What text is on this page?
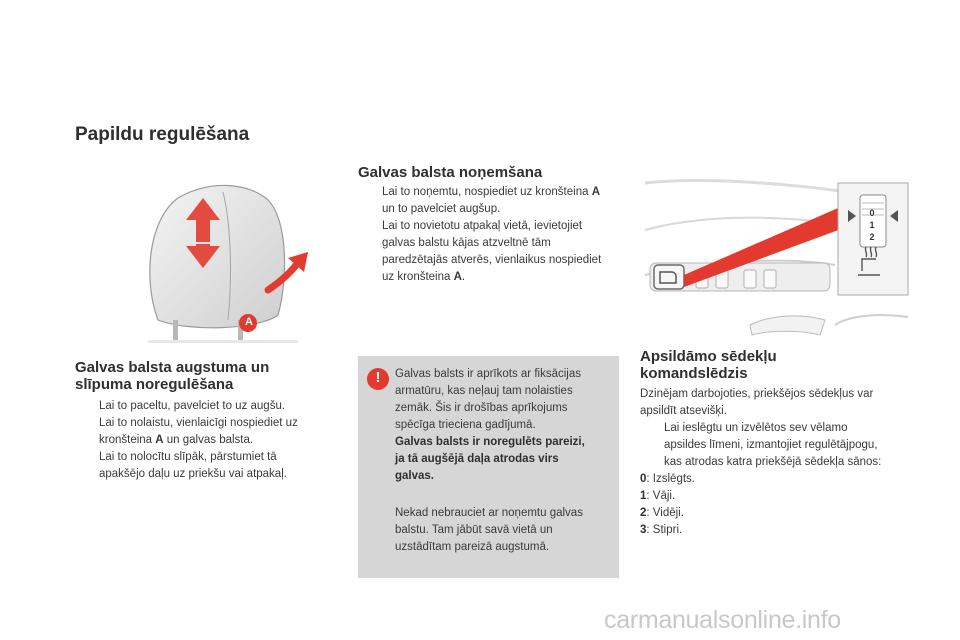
Papildu regulēšana
A
Galvas balsta augstuma un
slīpuma noregulēšana
Lai to paceltu, pavelciet to uz augšu.
Lai to nolaistu, vienlaicīgi nospiediet uz
kronšteina A un galvas balsta.
Lai to nolocītu slīpāk, pārstumiet tā
apakšējo daļu uz priekšu vai atpakaļ.
Galvas balsta noņemšana
Lai to noņemtu, nospiediet uz kronšteina A
un to pavelciet augšup.
Lai to novietotu atpakaļ vietā, ievietojiet
galvas balstu kājas atzveltnē tām
paredzētajās atverēs, vienlaikus nospiediet
uz kronšteina A.
!	Galvas balsts ir aprīkots ar fiksācijas
armatūru, kas neļauj tam nolaisties
zemāk. Šis ir drošības aprīkojums
spēcīga trieciena gadījumā.

Galvas balsts ir noregulēts pareizi,
ja tā augšējā daļa atrodas virs
galvas.

Nekad nebrauciet ar noņemtu galvas
balstu. Tam jābūt savā vietā un
uzstādītam pareizā augstumā.

0
1
2
Apsildāmo sēdekļu
komandslēdzis
Dzinējam darbojoties, priekšējos sēdekļus var
apsildīt atsevišķi.
Lai ieslēgtu un izvēlētos sev vēlamo
apsildes līmeni, izmantojiet regulētājpogu,
kas atrodas katra priekšējā sēdekļa sānos:
0: Izslēgts.
1: Vāji.
2: Vidēji.
3: Stipri.
carmanualsonline.info
